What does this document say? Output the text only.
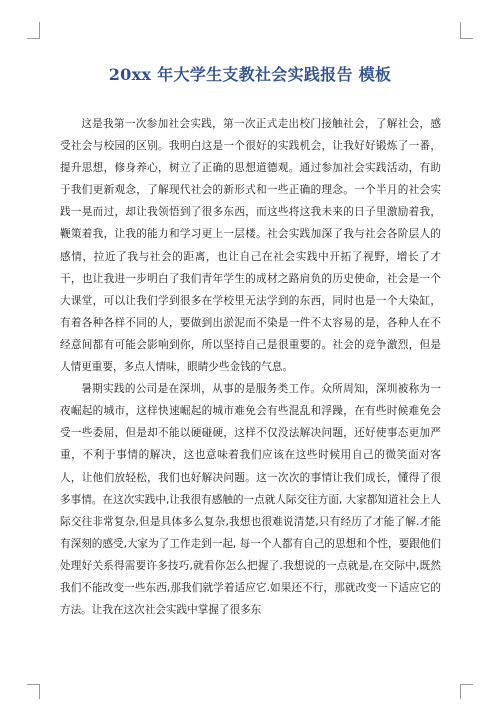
20xx 年大学生支教社会实践报告 模板

这是我第一次参加社会实践，第一次正式走出校门接触社会，了解社会，感受社会与校园的区别。我明白这是一个很好的实践机会，让我好好锻炼了一番，提升思想，修身养心，树立了正确的思想道德观。通过参加社会实践活动，有助于我们更新观念，了解现代社会的新形式和一些正确的理念。一个半月的社会实践一晃而过，却让我领悟到了很多东西，而这些将这我未来的日子里激励着我，鞭策着我，让我的能力和学习更上一层楼。社会实践加深了我与社会各阶层人的感情，拉近了我与社会的距离，也让自己在社会实践中开拓了视野，增长了才干，也让我进一步明白了我们青年学生的成材之路肩负的历史使命，社会是一个大课堂，可以让我们学到很多在学校里无法学到的东西，同时也是一个大染缸，有着各种各样不同的人，要做到出淤泥而不染是一件不太容易的是，各种人在不经意间都有可能会影响到你，所以坚持自己是很重要的。社会的竞争激烈，但是人情更重要，多点人情味，眼睛少些金钱的气息。

暑期实践的公司是在深圳，从事的是服务类工作。众所周知，深圳被称为一夜崛起的城市，这样快速崛起的城市难免会有些混乱和浮躁，在有些时候难免会受一些委屈，但是却不能以硬碰硬，这样不仅没法解决问题，还好使事态更加严重，不利于事情的解决，这也意味着我们应该在这些时候用自己的微笑面对客人，让他们放轻松，我们也好解决问题。这一次次的事情让我们成长，懂得了很多事情。在这次实践中,让我很有感触的一点就人际交往方面, 大家都知道社会上人际交往非常复杂,但是具体多么复杂,我想也很难说清楚,只有经历了才能了解.才能有深刻的感受,大家为了工作走到一起, 每一个人都有自己的思想和个性，要跟他们处理好关系得需要许多技巧,就看你怎么把握了.我想说的一点就是,在交际中,既然我们不能改变一些东西,那我们就学着适应它.如果还不行，那就改变一下适应它的方法。让我在这次社会实践中掌握了很多东
